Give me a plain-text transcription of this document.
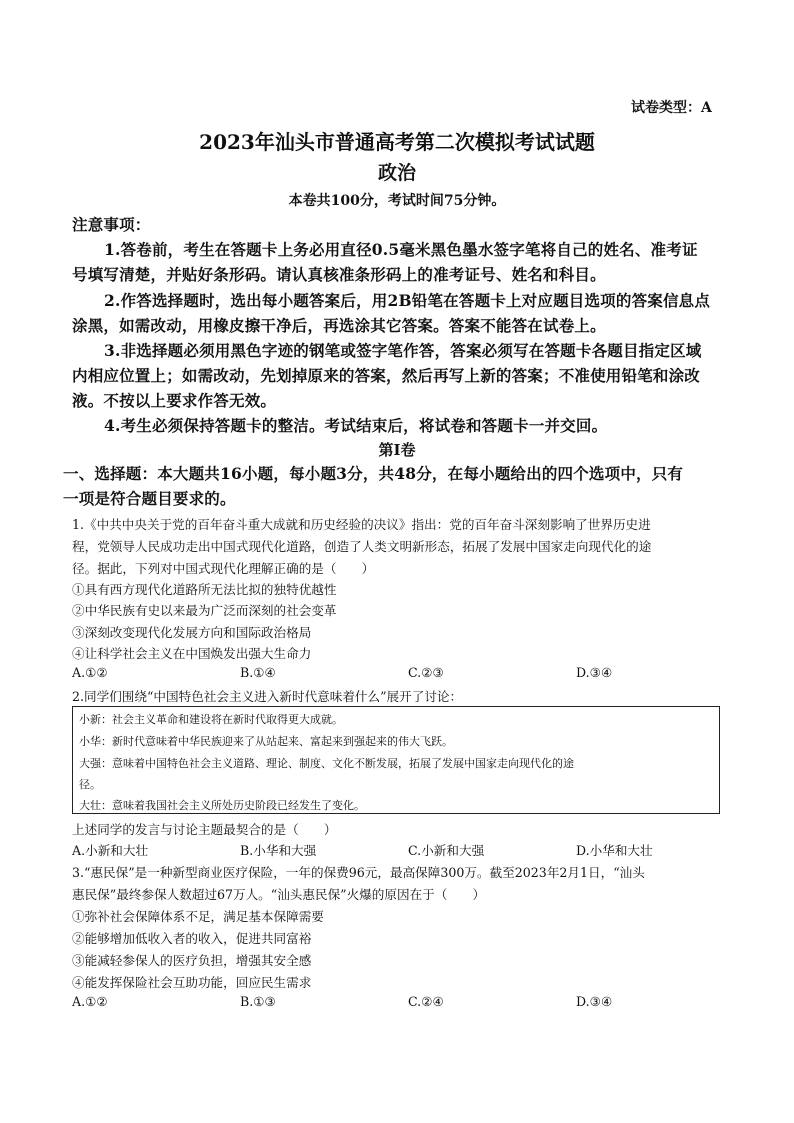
试卷类型：A
2023年汕头市普通高考第二次模拟考试试题
政治
本卷共100分，考试时间75分钟。
注意事项：
1.答卷前，考生在答题卡上务必用直径0.5毫米黑色墨水签字笔将自己的姓名、准考证
号填写清楚，并贴好条形码。请认真核准条形码上的准考证号、姓名和科目。
2.作答选择题时，选出每小题答案后，用2B铅笔在答题卡上对应题目选项的答案信息点
涂黑，如需改动，用橡皮擦干净后，再选涂其它答案。答案不能答在试卷上。
3.非选择题必须用黑色字迹的钢笔或签字笔作答，答案必须写在答题卡各题目指定区域
内相应位置上；如需改动，先划掉原来的答案，然后再写上新的答案；不准使用铅笔和涂改
液。不按以上要求作答无效。
4.考生必须保持答题卡的整洁。考试结束后，将试卷和答题卡一并交回。
第Ⅰ卷
一、选择题：本大题共16小题，每小题3分，共48分，在每小题给出的四个选项中，只有
一项是符合题目要求的。
1.《中共中央关于党的百年奋斗重大成就和历史经验的决议》指出：党的百年奋斗深刻影响了世界历史进
程，党领导人民成功走出中国式现代化道路，创造了人类文明新形态，拓展了发展中国家走向现代化的途
径。据此，下列对中国式现代化理解正确的是（　　）
①具有西方现代化道路所无法比拟的独特优越性
②中华民族有史以来最为广泛而深刻的社会变革
③深刻改变现代化发展方向和国际政治格局
④让科学社会主义在中国焕发出强大生命力
A.①②	B.①④	C.②③	D.③④
2.同学们围绕“中国特色社会主义进入新时代意味着什么”展开了讨论：
小新：社会主义革命和建设将在新时代取得更大成就。
小华：新时代意味着中华民族迎来了从站起来、富起来到强起来的伟大飞跃。
大强：意味着中国特色社会主义道路、理论、制度、文化不断发展，拓展了发展中国家走向现代化的途
径。
大壮：意味着我国社会主义所处历史阶段已经发生了变化。
上述同学的发言与讨论主题最契合的是（　　）
A.小新和大壮	B.小华和大强	C.小新和大强	D.小华和大壮
3.“惠民保”是一种新型商业医疗保险，一年的保费96元，最高保障300万。截至2023年2月1日，“汕头
惠民保”最终参保人数超过67万人。“汕头惠民保”火爆的原因在于（　　）
①弥补社会保障体系不足，满足基本保障需要
②能够增加低收入者的收入，促进共同富裕
③能减轻参保人的医疗负担，增强其安全感
④能发挥保险社会互助功能，回应民生需求
A.①②	B.①③	C.②④	D.③④
